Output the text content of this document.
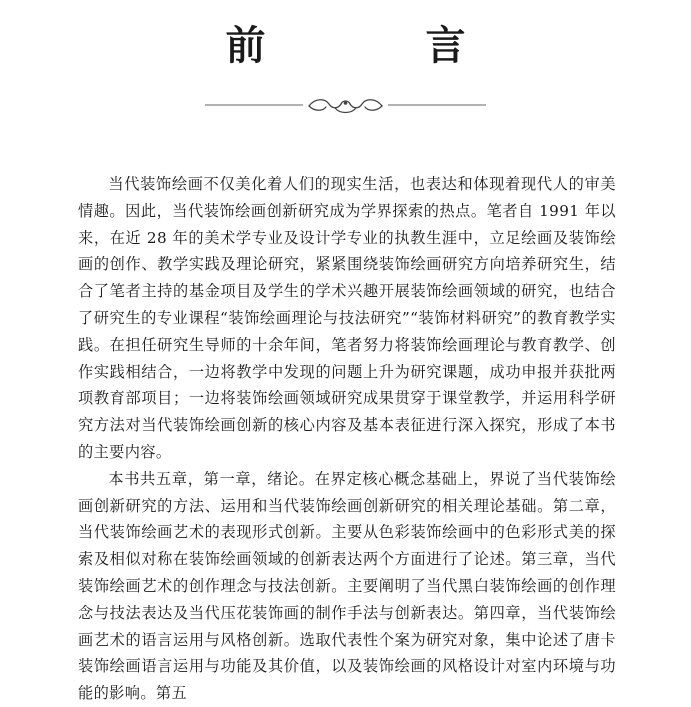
前　言

当代装饰绘画不仅美化着人们的现实生活，也表达和体现着现代人的审美情趣。因此，当代装饰绘画创新研究成为学界探索的热点。笔者自 1991 年以来，在近 28 年的美术学专业及设计学专业的执教生涯中，立足绘画及装饰绘画的创作、教学实践及理论研究，紧紧围绕装饰绘画研究方向培养研究生，结合了笔者主持的基金项目及学生的学术兴趣开展装饰绘画领域的研究，也结合了研究生的专业课程“装饰绘画理论与技法研究”“装饰材料研究”的教育教学实践。在担任研究生导师的十余年间，笔者努力将装饰绘画理论与教育教学、创作实践相结合，一边将教学中发现的问题上升为研究课题，成功申报并获批两项教育部项目；一边将装饰绘画领域研究成果贯穿于课堂教学，并运用科学研究方法对当代装饰绘画创新的核心内容及基本表征进行深入探究，形成了本书的主要内容。

本书共五章，第一章，绪论。在界定核心概念基础上，界说了当代装饰绘画创新研究的方法、运用和当代装饰绘画创新研究的相关理论基础。第二章，当代装饰绘画艺术的表现形式创新。主要从色彩装饰绘画中的色彩形式美的探索及相似对称在装饰绘画领域的创新表达两个方面进行了论述。第三章，当代装饰绘画艺术的创作理念与技法创新。主要阐明了当代黑白装饰绘画的创作理念与技法表达及当代压花装饰画的制作手法与创新表达。第四章，当代装饰绘画艺术的语言运用与风格创新。选取代表性个案为研究对象，集中论述了唐卡装饰绘画语言运用与功能及其价值，以及装饰绘画的风格设计对室内环境与功能的影响。第五
